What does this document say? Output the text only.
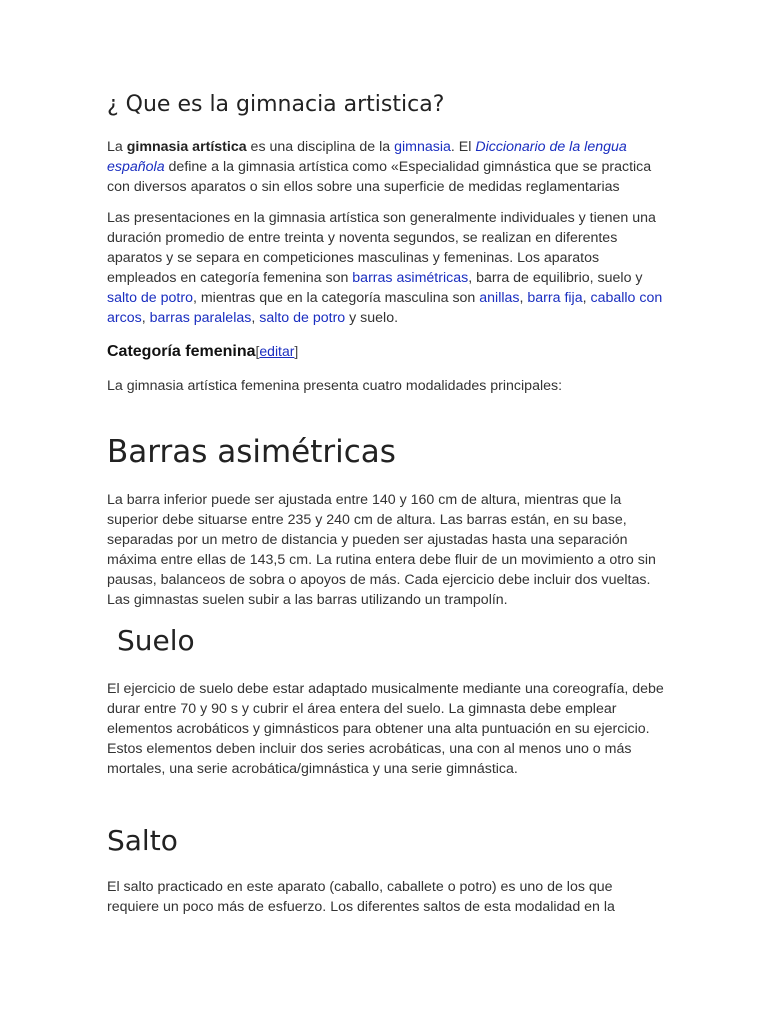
¿ Que es la gimnacia artistica?
La gimnasia artística es una disciplina de la gimnasia. El Diccionario de la lengua española define a la gimnasia artística como «Especialidad gimnástica que se practica con diversos aparatos o sin ellos sobre una superficie de medidas reglamentarias
Las presentaciones en la gimnasia artística son generalmente individuales y tienen una duración promedio de entre treinta y noventa segundos, se realizan en diferentes aparatos y se separa en competiciones masculinas y femeninas. Los aparatos empleados en categoría femenina son barras asimétricas, barra de equilibrio, suelo y salto de potro, mientras que en la categoría masculina son anillas, barra fija, caballo con arcos, barras paralelas, salto de potro y suelo.
Categoría femenina[editar]
La gimnasia artística femenina presenta cuatro modalidades principales:
Barras asimétricas
La barra inferior puede ser ajustada entre 140 y 160 cm de altura, mientras que la superior debe situarse entre 235 y 240 cm de altura. Las barras están, en su base, separadas por un metro de distancia y pueden ser ajustadas hasta una separación máxima entre ellas de 143,5 cm. La rutina entera debe fluir de un movimiento a otro sin pausas, balanceos de sobra o apoyos de más. Cada ejercicio debe incluir dos vueltas. Las gimnastas suelen subir a las barras utilizando un trampolín.
Suelo
El ejercicio de suelo debe estar adaptado musicalmente mediante una coreografía, debe durar entre 70 y 90 s y cubrir el área entera del suelo. La gimnasta debe emplear elementos acrobáticos y gimnásticos para obtener una alta puntuación en su ejercicio. Estos elementos deben incluir dos series acrobáticas, una con al menos uno o más mortales, una serie acrobática/gimnástica y una serie gimnástica.
Salto
El salto practicado en este aparato (caballo, caballete o potro) es uno de los que requiere un poco más de esfuerzo. Los diferentes saltos de esta modalidad en la
